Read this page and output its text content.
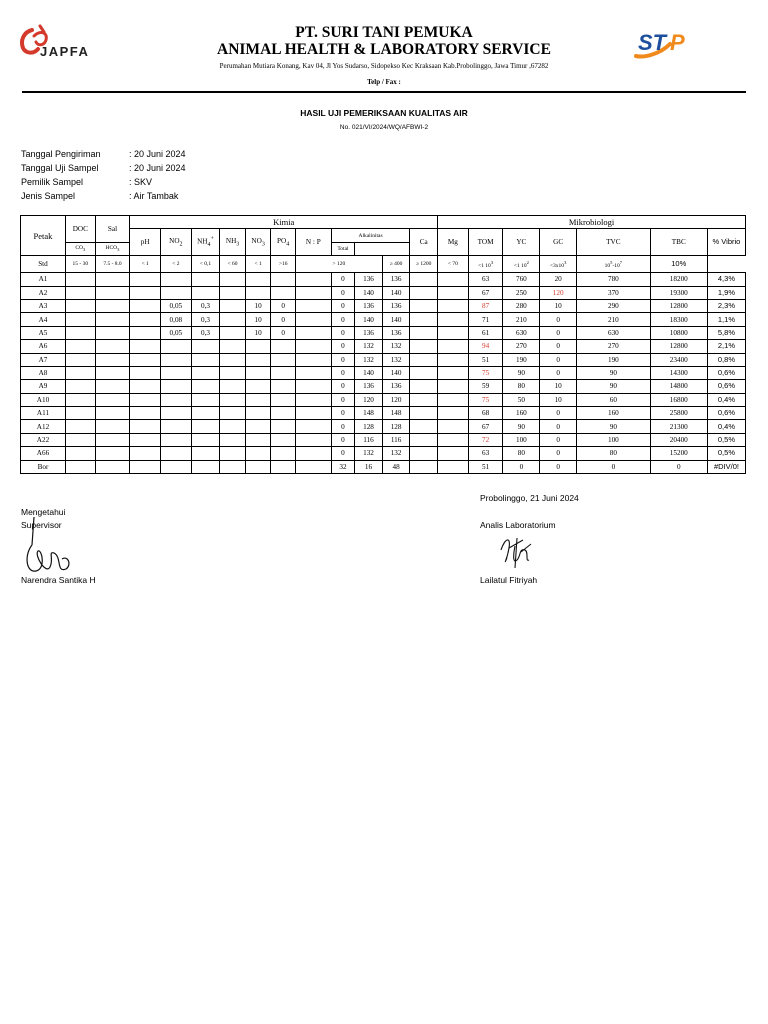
JAPFA	ST P
PT. SURI TANI PEMUKA
ANIMAL HEALTH & LABORATORY SERVICE
Perumahan Mutiara Konang, Kav 04, Jl Yos Sudarso, Sidopekso Kec Kraksaan Kab.Probolinggo, Jawa Timur ,67282
Telp / Fax :
HASIL UJI PEMERIKSAAN KUALITAS AIR
No. 021/VI/2024/WQ/AFBWI-2
Tanggal Pengiriman	: 20 Juni 2024
Tanggal Uji Sampel	: 20 Juni 2024
Pemilik Sampel	: SKV
Jenis Sampel	: Air Tambak
Petak	DOC	Sal	Kimia											Mikrobiologi						
			pH	$NO_2$	$NH_4^+$	$NH_3$	$NO_3$	$PO_4$	N : P	Alkalinitas			Ca	Mg	TOM	YC	GC	TVC	TBC	% Vibrio
	$CO_3$	$HCO_3$								Total										
Std	15 - 30	7.5 - 8.0	< 1	< 2	< 0,1	< 60	< 1	>16	> 120			≥ 400	≥ 1200	< 70	<1 $10^3$	<1 $10^2$	$<3x10^3$	$10^5-10^7$	10%	
A1										0	136	136			63	760	20	780	18200	4,3%
A2										0	140	140			67	250	120	370	19300	1,9%
A3				0,05	0,3		10	0		0	136	136			87	280	10	290	12800	2,3%
A4				0,08	0,3		10	0		0	140	140			71	210	0	210	18300	1,1%
A5				0,05	0,3		10	0		0	136	136			61	630	0	630	10800	5,8%
A6										0	132	132			94	270	0	270	12800	2,1%
A7										0	132	132			51	190	0	190	23400	0,8%
A8										0	140	140			75	90	0	90	14300	0,6%
A9										0	136	136			59	80	10	90	14800	0,6%
A10										0	120	120			75	50	10	60	16800	0,4%
A11										0	148	148			68	160	0	160	25800	0,6%
A12										0	128	128			67	90	0	90	21300	0,4%
A22										0	116	116			72	100	0	100	20400	0,5%
A66										0	132	132			63	80	0	80	15200	0,5%
Bor										32	16	48			51	0	0	0	0	#DIV/0!
Probolinggo, 21 Juni 2024
Mengetahui
Supervisor	Analis Laboratorium
Narendra Santika H	Lailatul Fitriyah
